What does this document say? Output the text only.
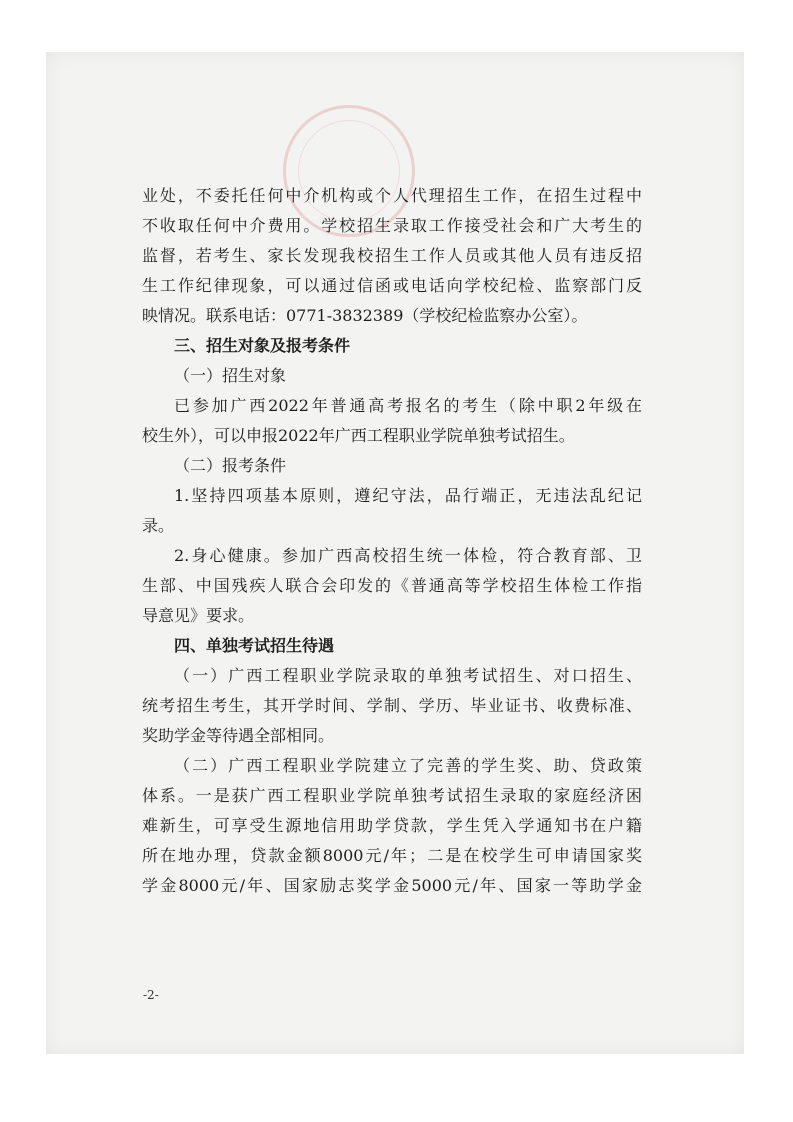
业处，不委托任何中介机构或个人代理招生工作，在招生过程中
不收取任何中介费用。学校招生录取工作接受社会和广大考生的
监督，若考生、家长发现我校招生工作人员或其他人员有违反招
生工作纪律现象，可以通过信函或电话向学校纪检、监察部门反
映情况。联系电话：0771-3832389（学校纪检监察办公室）。
三、招生对象及报考条件
（一）招生对象
已参加广西2022年普通高考报名的考生（除中职2年级在
校生外），可以申报2022年广西工程职业学院单独考试招生。
（二）报考条件
1.坚持四项基本原则，遵纪守法，品行端正，无违法乱纪记
录。
2.身心健康。参加广西高校招生统一体检，符合教育部、卫
生部、中国残疾人联合会印发的《普通高等学校招生体检工作指
导意见》要求。
四、单独考试招生待遇
（一）广西工程职业学院录取的单独考试招生、对口招生、
统考招生考生，其开学时间、学制、学历、毕业证书、收费标准、
奖助学金等待遇全部相同。
（二）广西工程职业学院建立了完善的学生奖、助、贷政策
体系。一是获广西工程职业学院单独考试招生录取的家庭经济困
难新生，可享受生源地信用助学贷款，学生凭入学通知书在户籍
所在地办理，贷款金额8000元/年；二是在校学生可申请国家奖
学金8000元/年、国家励志奖学金5000元/年、国家一等助学金
-2-
